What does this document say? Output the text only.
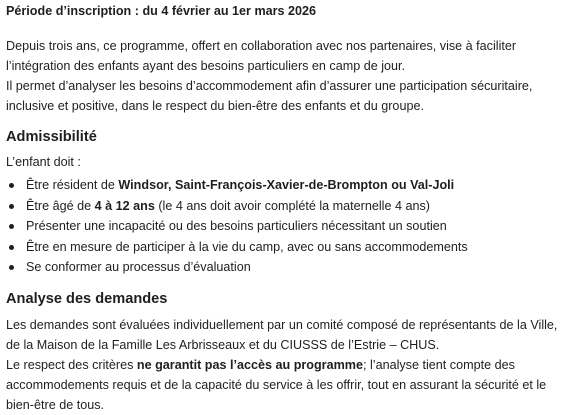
Période d’inscription : du 4 février au 1er mars 2026

Depuis trois ans, ce programme, offert en collaboration avec nos partenaires, vise à faciliter l’intégration des enfants ayant des besoins particuliers en camp de jour.

Il permet d’analyser les besoins d’accommodement afin d’assurer une participation sécuritaire, inclusive et positive, dans le respect du bien-être des enfants et du groupe.

Admissibilité

L’enfant doit :

Être résident de Windsor, Saint-François-Xavier-de-Brompton ou Val-Joli
Être âgé de 4 à 12 ans (le 4 ans doit avoir complété la maternelle 4 ans)
Présenter une incapacité ou des besoins particuliers nécessitant un soutien
Être en mesure de participer à la vie du camp, avec ou sans accommodements
Se conformer au processus d’évaluation
Analyse des demandes

Les demandes sont évaluées individuellement par un comité composé de représentants de la Ville, de la Maison de la Famille Les Arbrisseaux et du CIUSSS de l’Estrie – CHUS.

Le respect des critères ne garantit pas l’accès au programme; l’analyse tient compte des accommodements requis et de la capacité du service à les offrir, tout en assurant la sécurité et le bien-être de tous.
